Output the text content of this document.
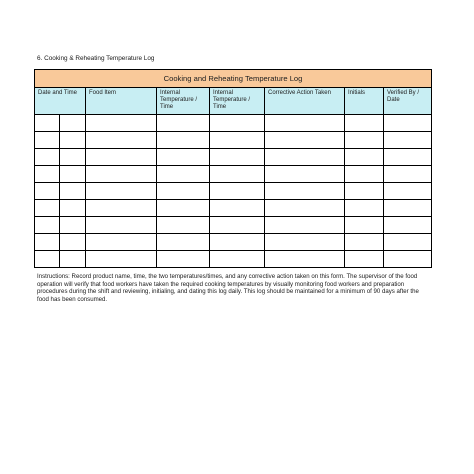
6. Cooking & Reheating Temperature Log
Cooking and Reheating Temperature Log							
Date and Time		Food Item	Internal
Temperature /
Time	Internal
Temperature /
Time	Corrective Action Taken	Initials	Verified By /
Date

Instructions: Record product name, time, the two temperatures/times, and any corrective action taken on this form. The supervisor of the food operation will verify that food workers have taken the required cooking temperatures by visually monitoring food workers and preparation procedures during the shift and reviewing, initialing, and dating this log daily. This log should be maintained for a minimum of 90 days after the food has been consumed.
